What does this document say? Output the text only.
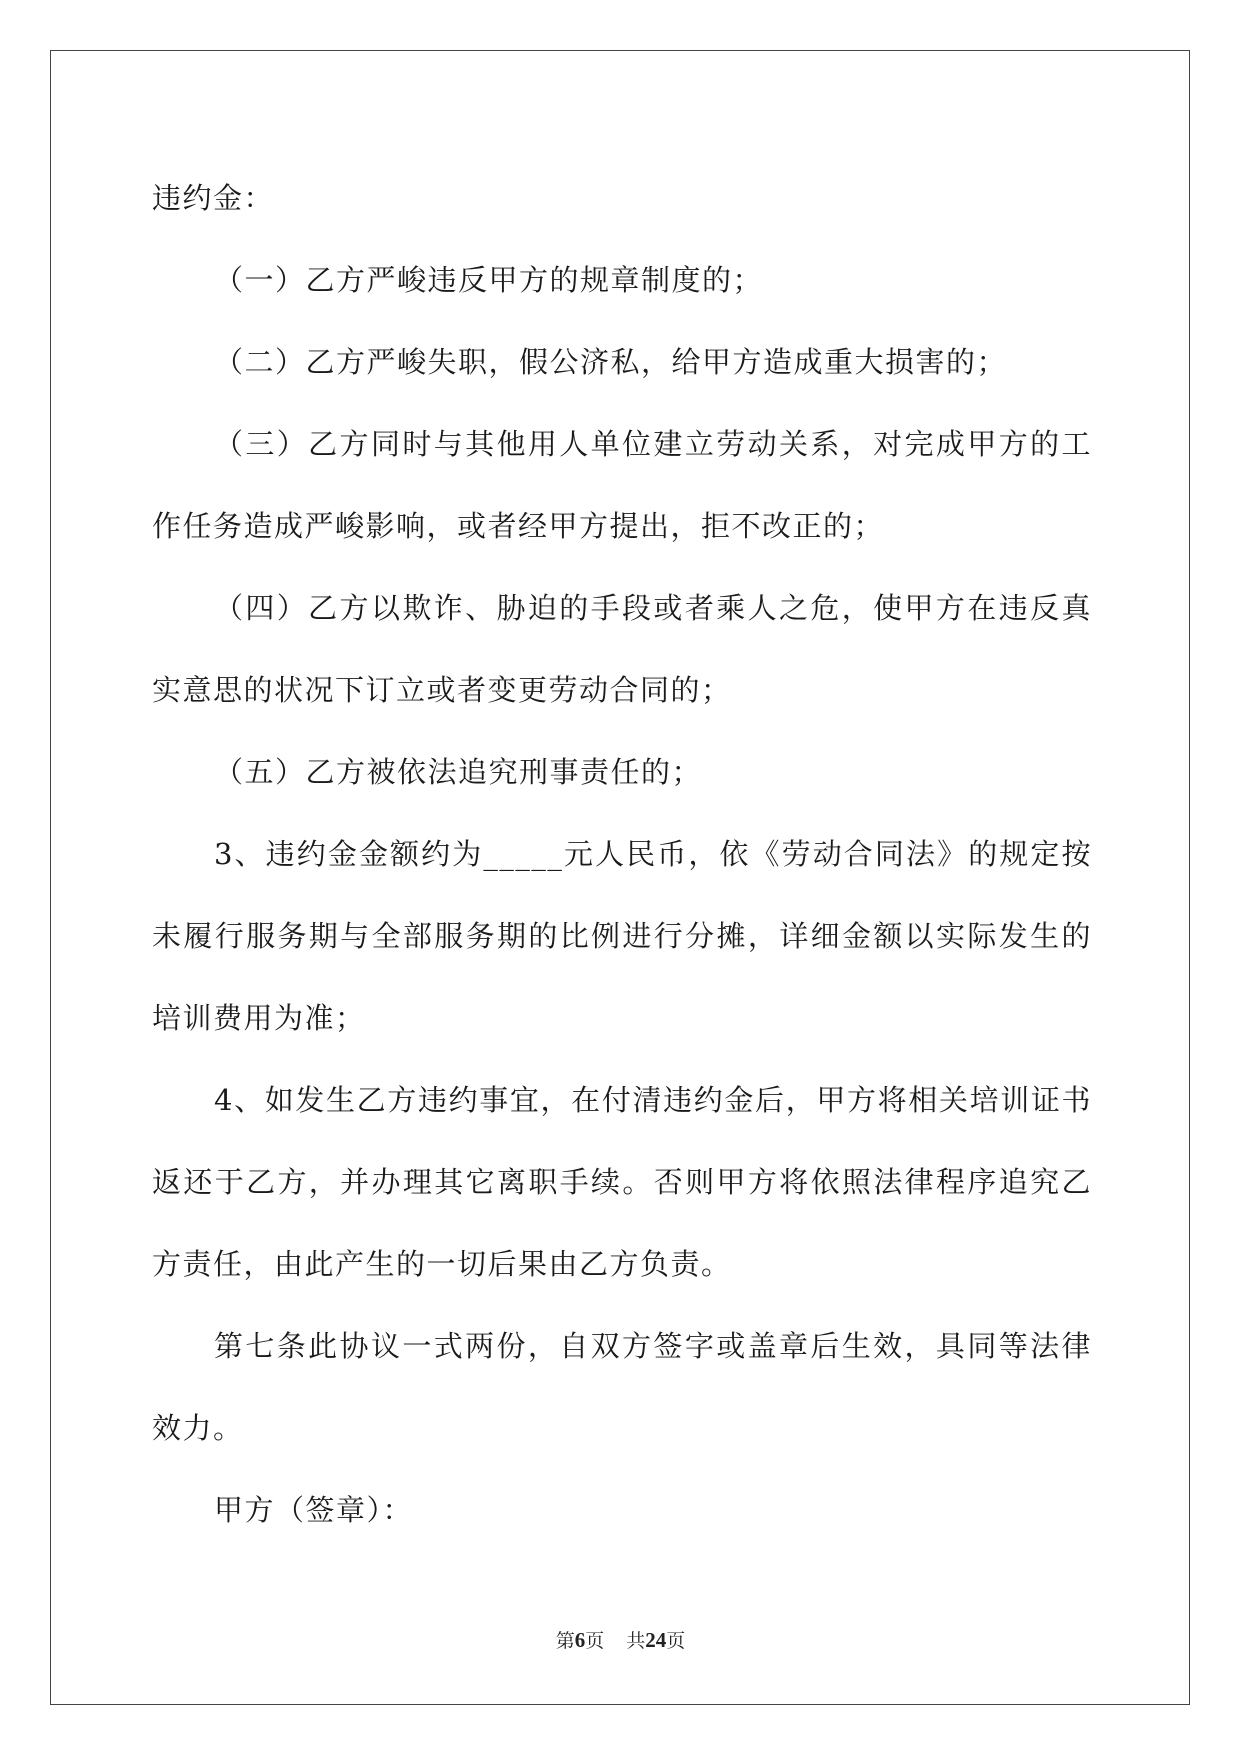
违约金：
（一）乙方严峻违反甲方的规章制度的；
（二）乙方严峻失职，假公济私，给甲方造成重大损害的；
（三）乙方同时与其他用人单位建立劳动关系，对完成甲方的工
作任务造成严峻影响，或者经甲方提出，拒不改正的；
（四）乙方以欺诈、胁迫的手段或者乘人之危，使甲方在违反真
实意思的状况下订立或者变更劳动合同的；
（五）乙方被依法追究刑事责任的；
3、违约金金额约为_____元人民币，依《劳动合同法》的规定按
未履行服务期与全部服务期的比例进行分摊，详细金额以实际发生的
培训费用为准；
4、如发生乙方违约事宜，在付清违约金后，甲方将相关培训证书
返还于乙方，并办理其它离职手续。否则甲方将依照法律程序追究乙
方责任，由此产生的一切后果由乙方负责。
第七条此协议一式两份，自双方签字或盖章后生效，具同等法律
效力。
甲方（签章）：
第6页 共24页
